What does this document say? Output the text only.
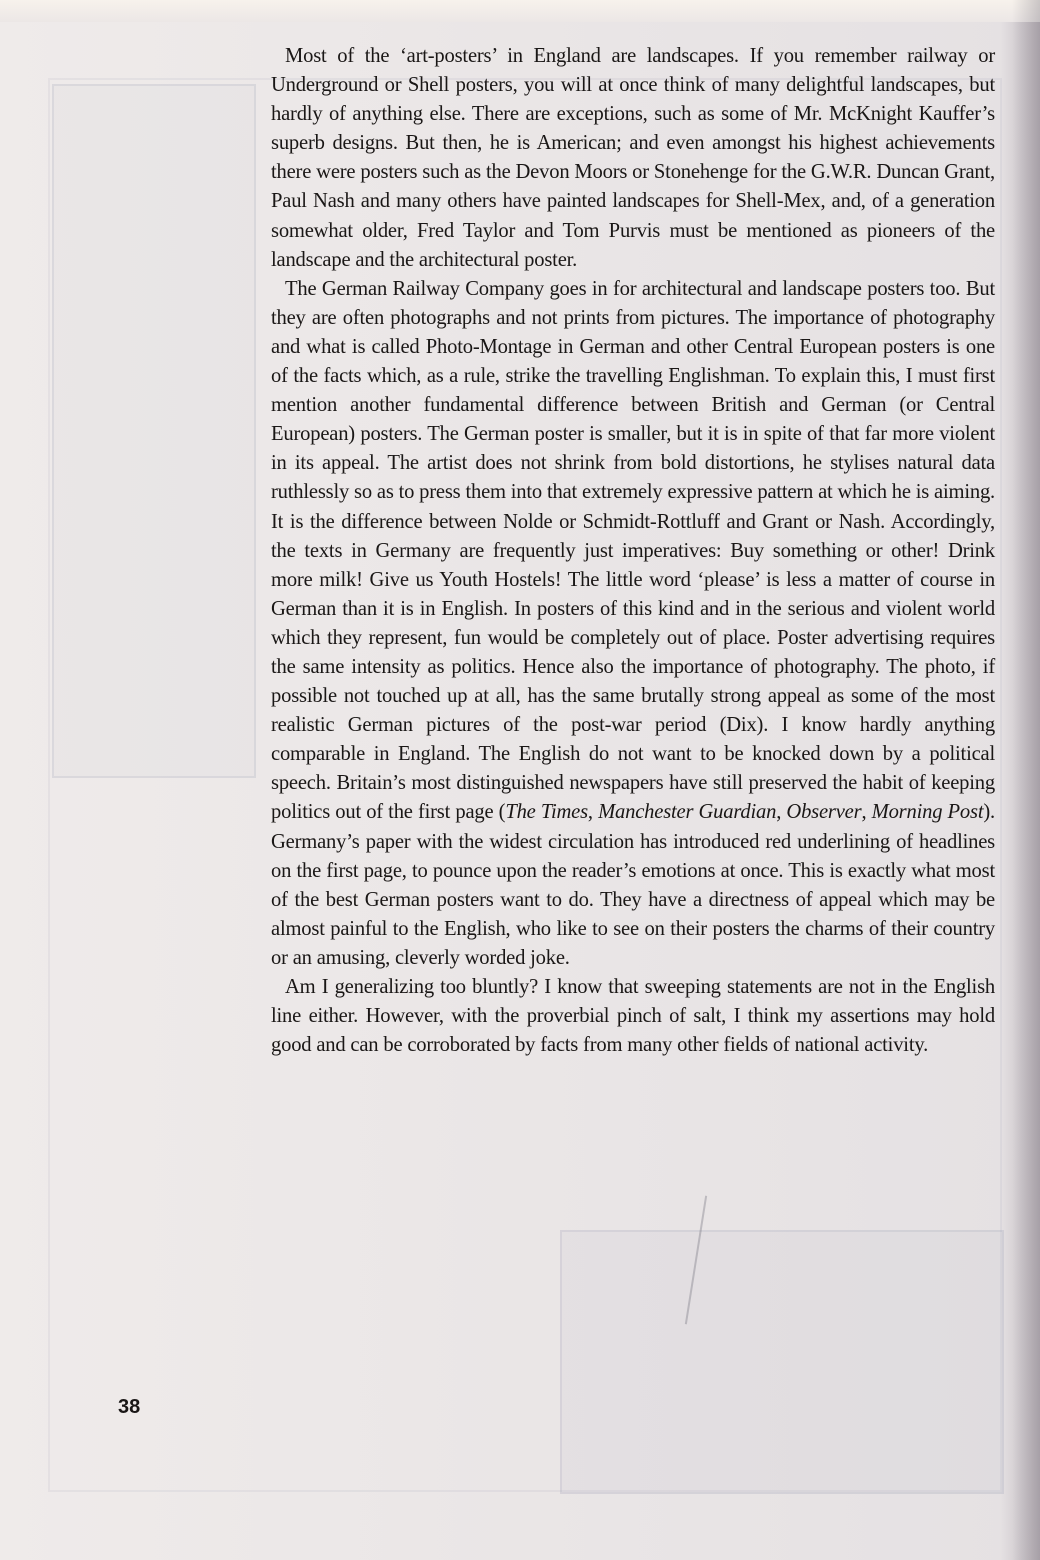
Most of the ‘art-posters’ in England are landscapes. If you remember railway or Underground or Shell posters, you will at once think of many delightful landscapes, but hardly of anything else. There are exceptions, such as some of Mr. McKnight Kauffer’s superb designs. But then, he is American; and even amongst his highest achievements there were posters such as the Devon Moors or Stonehenge for the G.W.R. Duncan Grant, Paul Nash and many others have painted landscapes for Shell-Mex, and, of a generation somewhat older, Fred Taylor and Tom Purvis must be mentioned as pioneers of the landscape and the architectural poster.

The German Railway Company goes in for architectural and landscape posters too. But they are often photographs and not prints from pictures. The importance of photography and what is called Photo-Montage in German and other Central European posters is one of the facts which, as a rule, strike the travelling Englishman. To explain this, I must first mention another fundamental difference between British and German (or Central European) posters. The German poster is smaller, but it is in spite of that far more violent in its appeal. The artist does not shrink from bold distortions, he stylises natural data ruthlessly so as to press them into that extremely expressive pattern at which he is aiming. It is the difference between Nolde or Schmidt-Rottluff and Grant or Nash. Accordingly, the texts in Germany are frequently just imperatives: Buy something or other! Drink more milk! Give us Youth Hostels! The little word ‘please’ is less a matter of course in German than it is in English. In posters of this kind and in the serious and violent world which they represent, fun would be completely out of place. Poster advertising requires the same intensity as politics. Hence also the importance of photography. The photo, if possible not touched up at all, has the same brutally strong appeal as some of the most realistic German pictures of the post-war period (Dix). I know hardly anything comparable in England. The English do not want to be knocked down by a political speech. Britain’s most distinguished newspapers have still preserved the habit of keeping politics out of the first page (The Times, Manchester Guardian, Observer, Morning Post). Germany’s paper with the widest circulation has introduced red underlining of headlines on the first page, to pounce upon the reader’s emotions at once. This is exactly what most of the best German posters want to do. They have a directness of appeal which may be almost painful to the English, who like to see on their posters the charms of their country or an amusing, cleverly worded joke.

Am I generalizing too bluntly? I know that sweeping statements are not in the English line either. However, with the proverbial pinch of salt, I think my assertions may hold good and can be corroborated by facts from many other fields of national activity.

38
